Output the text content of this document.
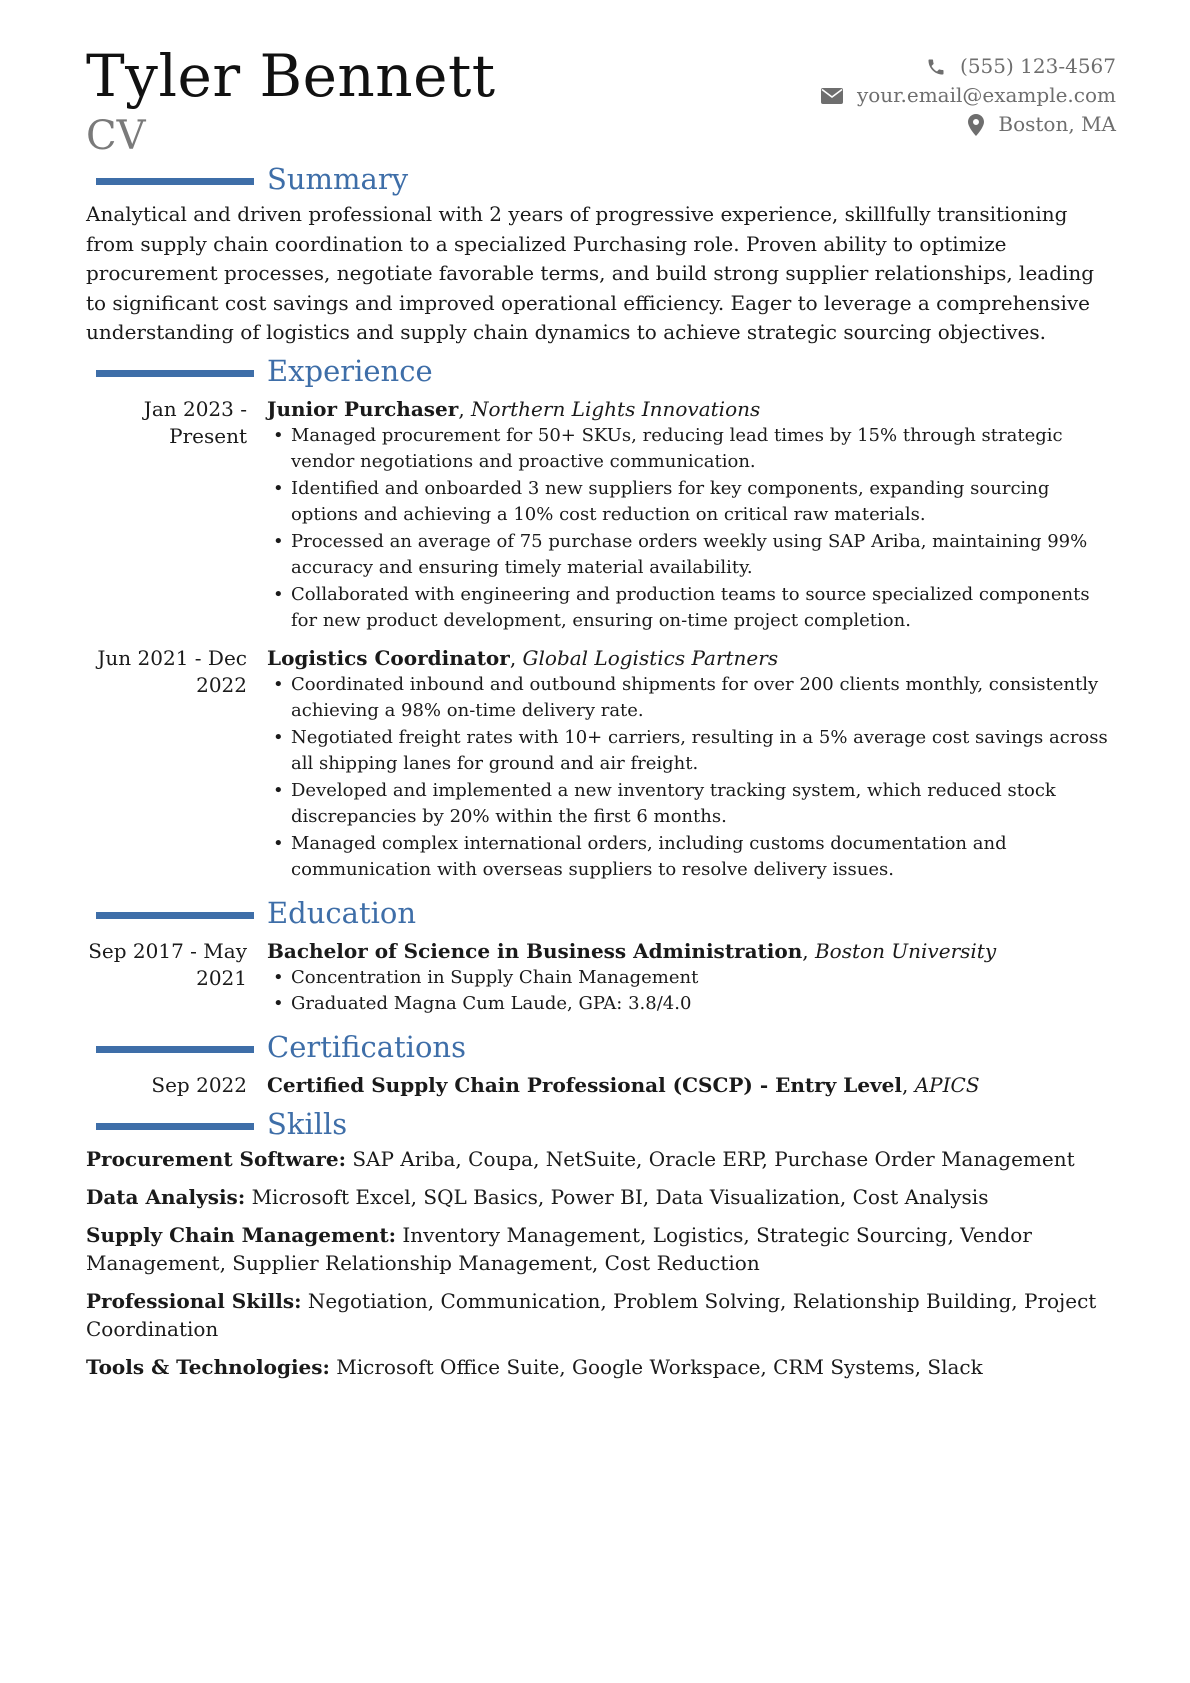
Tyler Bennett
CV
(555) 123-4567
your.email@example.com
Boston, MA
Summary

Analytical and driven professional with 2 years of progressive experience, skillfully transitioning from supply chain coordination to a specialized Purchasing role. Proven ability to optimize procurement processes, negotiate favorable terms, and build strong supplier relationships, leading to significant cost savings and improved operational efficiency. Eager to leverage a comprehensive understanding of logistics and supply chain dynamics to achieve strategic sourcing objectives.

Experience
Jan 2023 - Present
Junior Purchaser, Northern Lights Innovations
• Managed procurement for 50+ SKUs, reducing lead times by 15% through strategic vendor negotiations and proactive communication.
• Identified and onboarded 3 new suppliers for key components, expanding sourcing options and achieving a 10% cost reduction on critical raw materials.
• Processed an average of 75 purchase orders weekly using SAP Ariba, maintaining 99% accuracy and ensuring timely material availability.
• Collaborated with engineering and production teams to source specialized components for new product development, ensuring on-time project completion.
Jun 2021 - Dec 2022
Logistics Coordinator, Global Logistics Partners
• Coordinated inbound and outbound shipments for over 200 clients monthly, consistently achieving a 98% on-time delivery rate.
• Negotiated freight rates with 10+ carriers, resulting in a 5% average cost savings across all shipping lanes for ground and air freight.
• Developed and implemented a new inventory tracking system, which reduced stock discrepancies by 20% within the first 6 months.
• Managed complex international orders, including customs documentation and communication with overseas suppliers to resolve delivery issues.
Education
Sep 2017 - May 2021
Bachelor of Science in Business Administration, Boston University
• Concentration in Supply Chain Management
• Graduated Magna Cum Laude, GPA: 3.8/4.0
Certifications
Sep 2022	Certified Supply Chain Professional (CSCP) - Entry Level, APICS
Skills
Procurement Software: SAP Ariba, Coupa, NetSuite, Oracle ERP, Purchase Order Management
Data Analysis: Microsoft Excel, SQL Basics, Power BI, Data Visualization, Cost Analysis
Supply Chain Management: Inventory Management, Logistics, Strategic Sourcing, Vendor Management, Supplier Relationship Management, Cost Reduction
Professional Skills: Negotiation, Communication, Problem Solving, Relationship Building, Project Coordination
Tools & Technologies: Microsoft Office Suite, Google Workspace, CRM Systems, Slack
